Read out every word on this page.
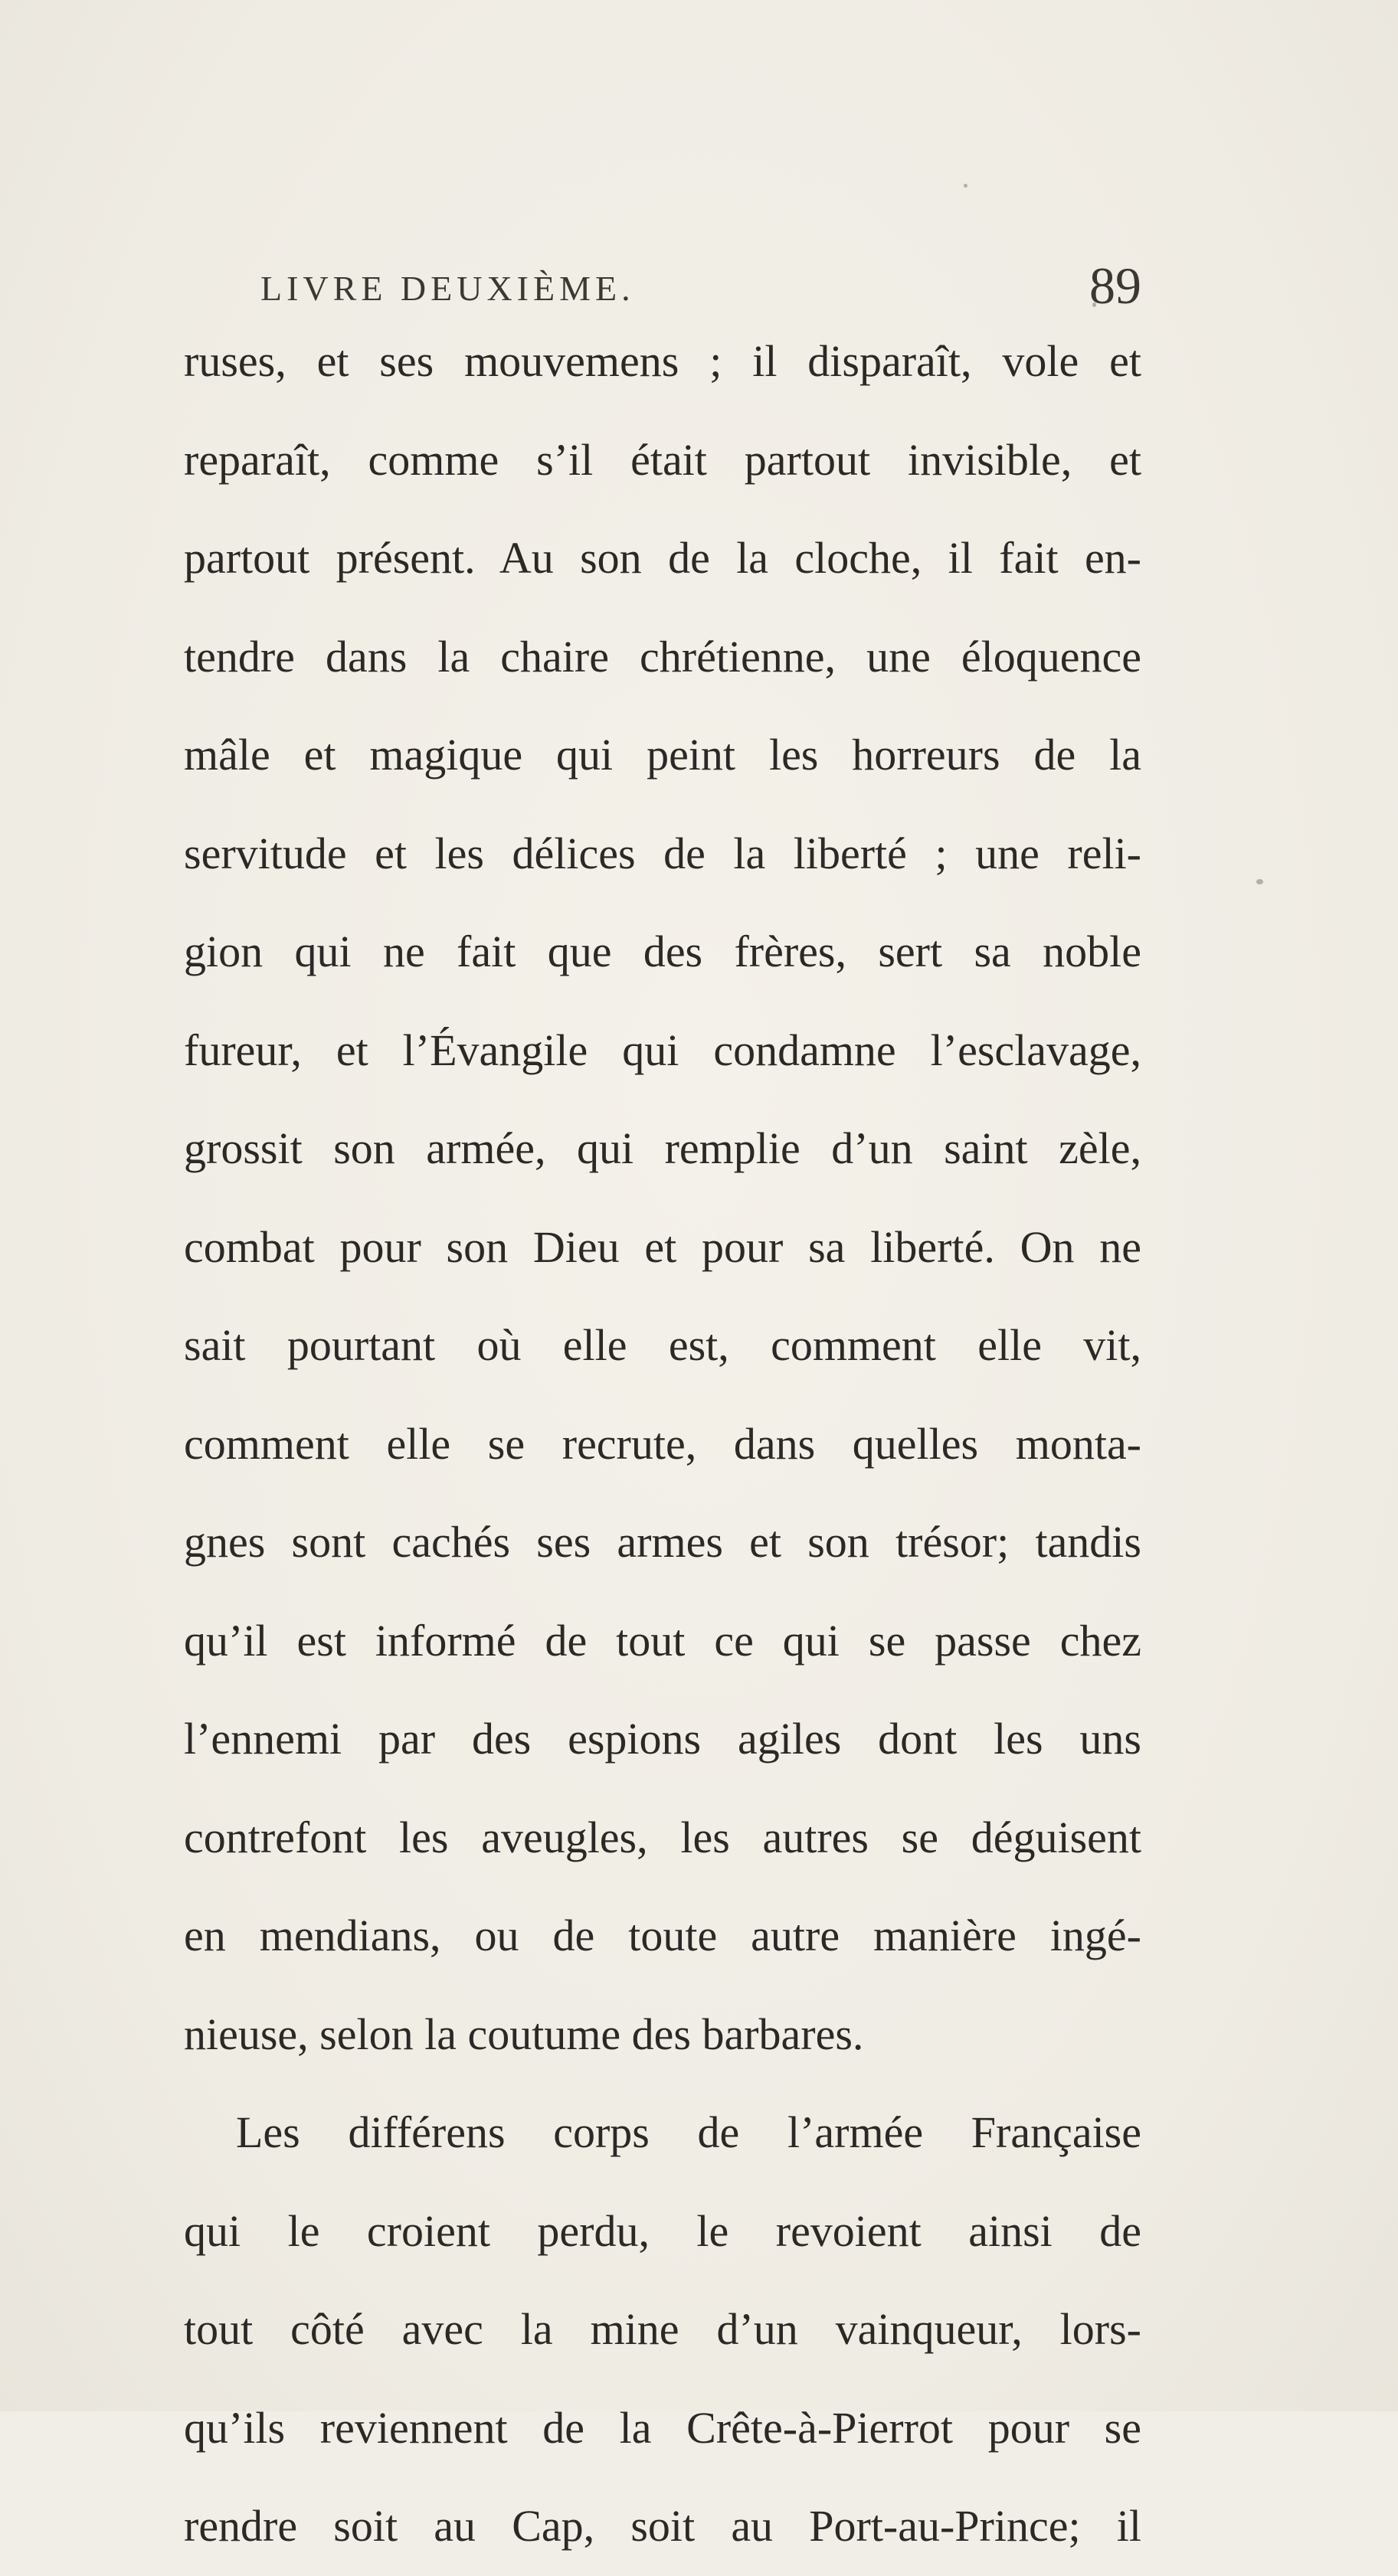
LIVRE DEUXIÈME.	89
ruses, et ses mouvemens ; il disparaît, vole et
reparaît, comme s’il était partout invisible, et
partout présent. Au son de la cloche, il fait en-
tendre dans la chaire chrétienne, une éloquence
mâle et magique qui peint les horreurs de la
servitude et les délices de la liberté ; une reli-
gion qui ne fait que des frères, sert sa noble
fureur, et l’Évangile qui condamne l’esclavage,
grossit son armée, qui remplie d’un saint zèle,
combat pour son Dieu et pour sa liberté. On ne
sait pourtant où elle est, comment elle vit,
comment elle se recrute, dans quelles monta-
gnes sont cachés ses armes et son trésor; tandis
qu’il est informé de tout ce qui se passe chez
l’ennemi par des espions agiles dont les uns
contrefont les aveugles, les autres se déguisent
en mendians, ou de toute autre manière ingé-
nieuse, selon la coutume des barbares.
Les différens corps de l’armée Française
qui le croient perdu, le revoient ainsi de
tout côté avec la mine d’un vainqueur, lors-
qu’ils reviennent de la Crête-à-Pierrot pour se
rendre soit au Cap, soit au Port-au-Prince; il
